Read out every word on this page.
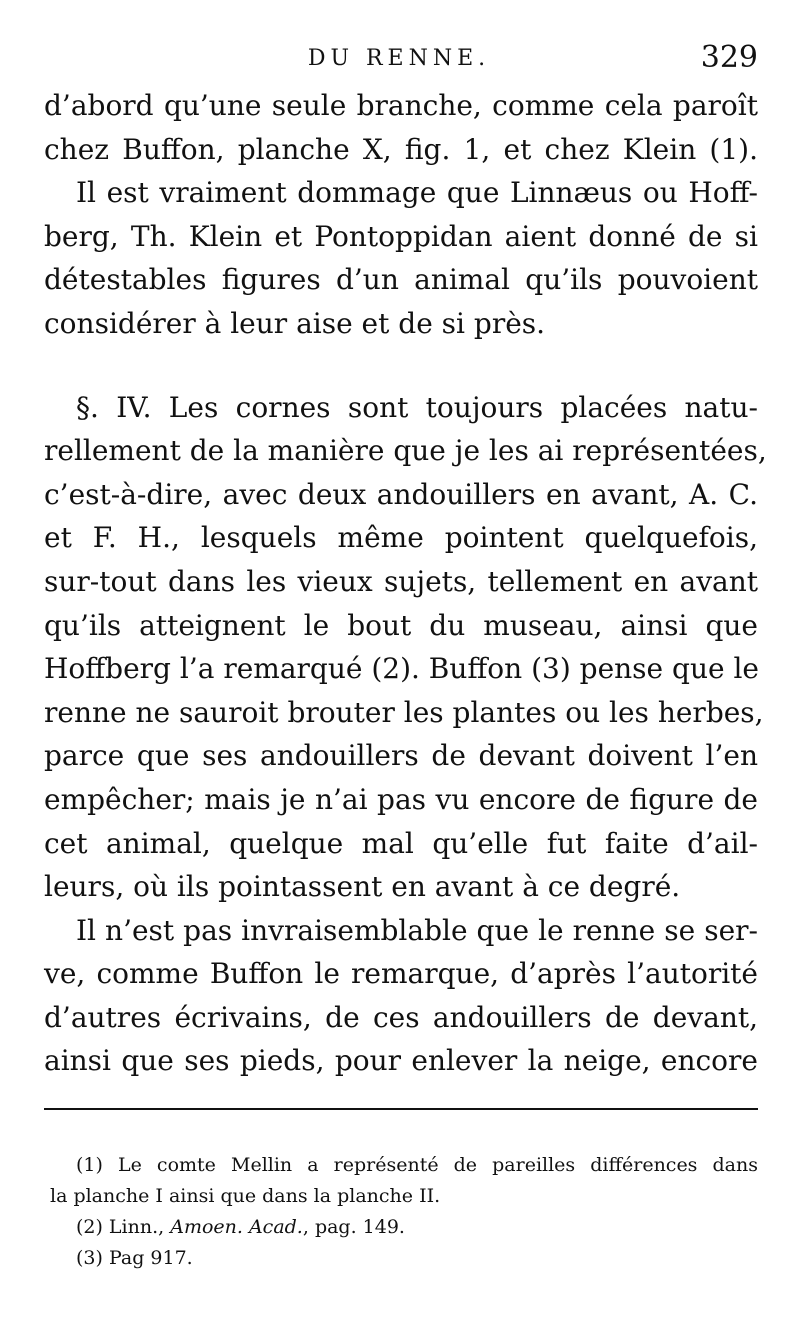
DU RENNE.	329
d’abord qu’une seule branche, comme cela paroît
chez Buffon, planche X, fig. 1, et chez Klein (1).
Il est vraiment dommage que Linnæus ou Hoff-
berg, Th. Klein et Pontoppidan aient donné de si
détestables figures d’un animal qu’ils pouvoient
considérer à leur aise et de si près.
§. IV. Les cornes sont toujours placées natu-
rellement de la manière que je les ai représentées,
c’est-à-dire, avec deux andouillers en avant, A. C.
et F. H., lesquels même pointent quelquefois,
sur-tout dans les vieux sujets, tellement en avant
qu’ils atteignent le bout du museau, ainsi que
Hoffberg l’a remarqué (2). Buffon (3) pense que le
renne ne sauroit brouter les plantes ou les herbes,
parce que ses andouillers de devant doivent l’en
empêcher; mais je n’ai pas vu encore de figure de
cet animal, quelque mal qu’elle fut faite d’ail-
leurs, où ils pointassent en avant à ce degré.
Il n’est pas invraisemblable que le renne se ser-
ve, comme Buffon le remarque, d’après l’autorité
d’autres écrivains, de ces andouillers de devant,
ainsi que ses pieds, pour enlever la neige, encore
(1) Le comte Mellin a représenté de pareilles différences dans
la planche I ainsi que dans la planche II.
(2) Linn., Amoen. Acad., pag. 149.
(3) Pag 917.
